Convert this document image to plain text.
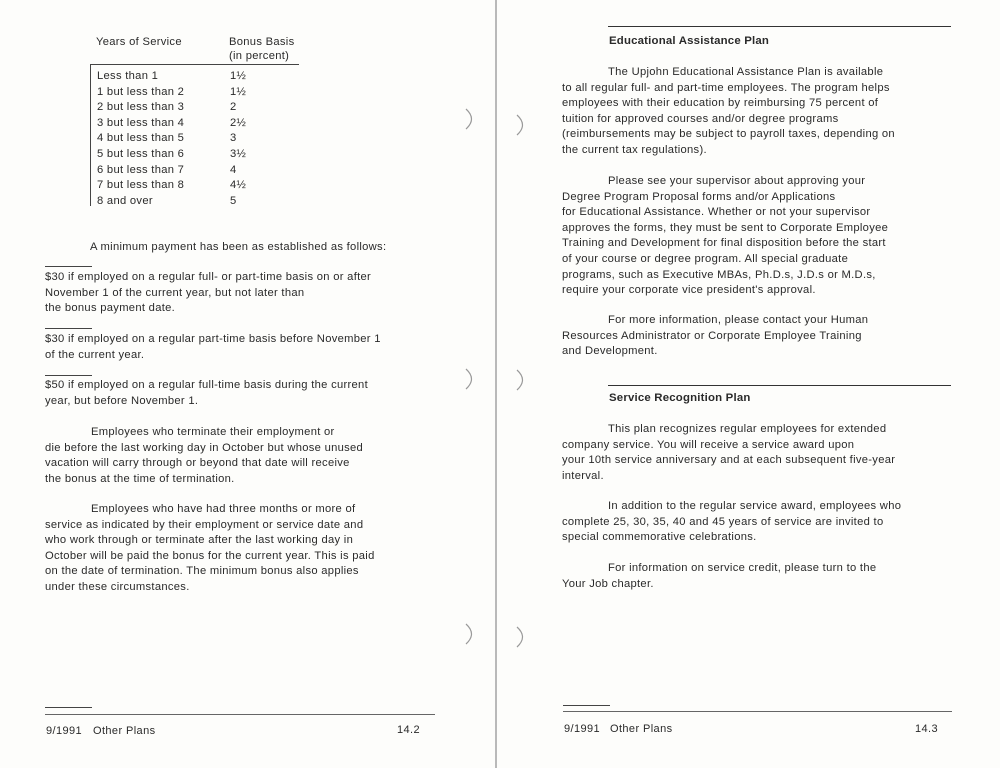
Years of Service	Bonus Basis
(in percent)
Less than 1	1½
1 but less than 2	1½
2 but less than 3	2
3 but less than 4	2½
4 but less than 5	3
5 but less than 6	3½
6 but less than 7	4
7 but less than 8	4½
8 and over	5
A minimum payment has been as established as follows:
$30 if employed on a regular full- or part-time basis on or after
November 1 of the current year, but not later than
the bonus payment date.
$30 if employed on a regular part-time basis before November 1
of the current year.
$50 if employed on a regular full-time basis during the current
year, but before November 1.
Employees who terminate their employment or
die before the last working day in October but whose unused
vacation will carry through or beyond that date will receive
the bonus at the time of termination.
Employees who have had three months or more of
service as indicated by their employment or service date and
who work through or terminate after the last working day in
October will be paid the bonus for the current year. This is paid
on the date of termination. The minimum bonus also applies
under these circumstances.
9/1991 Other Plans	14.2
Educational Assistance Plan
The Upjohn Educational Assistance Plan is available
to all regular full- and part-time employees. The program helps
employees with their education by reimbursing 75 percent of
tuition for approved courses and/or degree programs
(reimbursements may be subject to payroll taxes, depending on
the current tax regulations).
Please see your supervisor about approving your
Degree Program Proposal forms and/or Applications
for Educational Assistance. Whether or not your supervisor
approves the forms, they must be sent to Corporate Employee
Training and Development for final disposition before the start
of your course or degree program. All special graduate
programs, such as Executive MBAs, Ph.D.s, J.D.s or M.D.s,
require your corporate vice president's approval.
For more information, please contact your Human
Resources Administrator or Corporate Employee Training
and Development.
Service Recognition Plan
This plan recognizes regular employees for extended
company service. You will receive a service award upon
your 10th service anniversary and at each subsequent five-year
interval.
In addition to the regular service award, employees who
complete 25, 30, 35, 40 and 45 years of service are invited to
special commemorative celebrations.
For information on service credit, please turn to the
Your Job chapter.
9/1991 Other Plans	14.3
